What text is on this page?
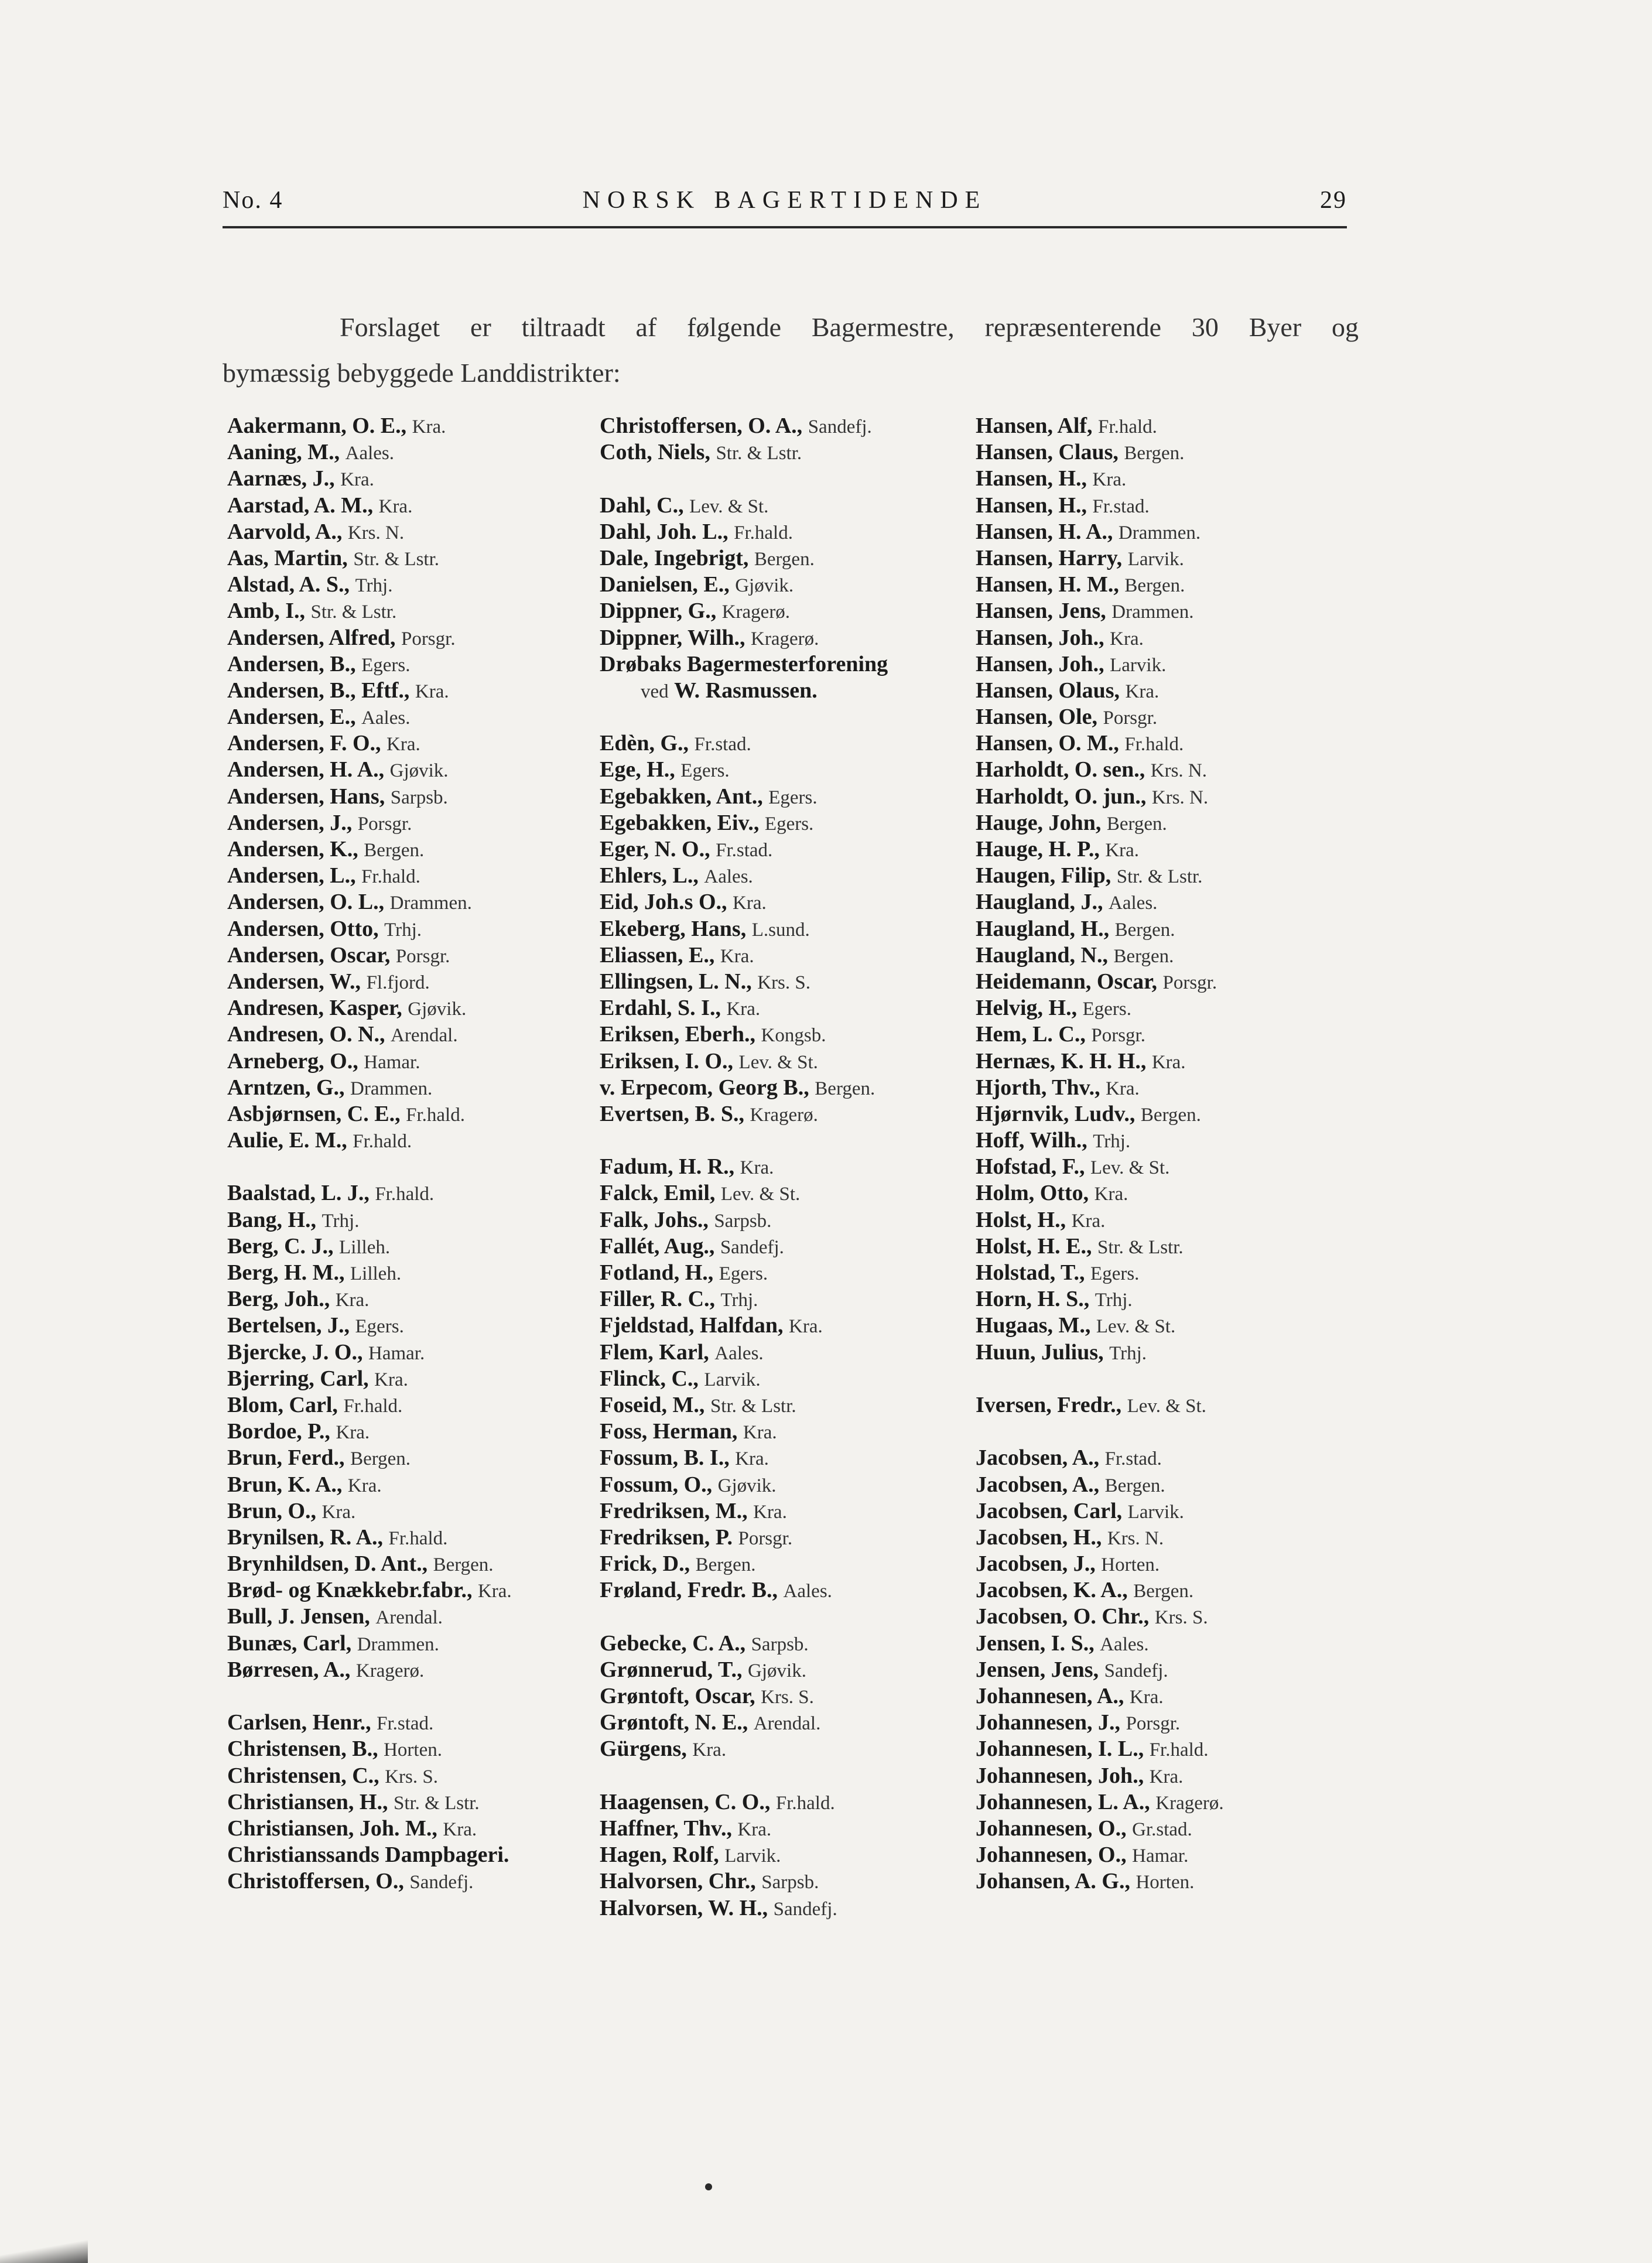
No. 4	NORSK BAGERTIDENDE	29

Forslaget er tiltraadt af følgende Bagermestre, repræsenterende 30 Byer og

bymæssig bebyggede Landdistrikter:

Aakermann, O. E., Kra.
Aaning, M., Aales.
Aarnæs, J., Kra.
Aarstad, A. M., Kra.
Aarvold, A., Krs. N.
Aas, Martin, Str. & Lstr.
Alstad, A. S., Trhj.
Amb, I., Str. & Lstr.
Andersen, Alfred, Porsgr.
Andersen, B., Egers.
Andersen, B., Eftf., Kra.
Andersen, E., Aales.
Andersen, F. O., Kra.
Andersen, H. A., Gjøvik.
Andersen, Hans, Sarpsb.
Andersen, J., Porsgr.
Andersen, K., Bergen.
Andersen, L., Fr.hald.
Andersen, O. L., Drammen.
Andersen, Otto, Trhj.
Andersen, Oscar, Porsgr.
Andersen, W., Fl.fjord.
Andresen, Kasper, Gjøvik.
Andresen, O. N., Arendal.
Arneberg, O., Hamar.
Arntzen, G., Drammen.
Asbjørnsen, C. E., Fr.hald.
Aulie, E. M., Fr.hald.
Baalstad, L. J., Fr.hald.
Bang, H., Trhj.
Berg, C. J., Lilleh.
Berg, H. M., Lilleh.
Berg, Joh., Kra.
Bertelsen, J., Egers.
Bjercke, J. O., Hamar.
Bjerring, Carl, Kra.
Blom, Carl, Fr.hald.
Bordoe, P., Kra.
Brun, Ferd., Bergen.
Brun, K. A., Kra.
Brun, O., Kra.
Brynilsen, R. A., Fr.hald.
Brynhildsen, D. Ant., Bergen.
Brød- og Knækkebr.fabr., Kra.
Bull, J. Jensen, Arendal.
Bunæs, Carl, Drammen.
Børresen, A., Kragerø.
Carlsen, Henr., Fr.stad.
Christensen, B., Horten.
Christensen, C., Krs. S.
Christiansen, H., Str. & Lstr.
Christiansen, Joh. M., Kra.
Christianssands Dampbageri.
Christoffersen, O., Sandefj.
Christoffersen, O. A., Sandefj.
Coth, Niels, Str. & Lstr.
Dahl, C., Lev. & St.
Dahl, Joh. L., Fr.hald.
Dale, Ingebrigt, Bergen.
Danielsen, E., Gjøvik.
Dippner, G., Kragerø.
Dippner, Wilh., Kragerø.
Drøbaks Bagermesterforening
ved W. Rasmussen.
Edèn, G., Fr.stad.
Ege, H., Egers.
Egebakken, Ant., Egers.
Egebakken, Eiv., Egers.
Eger, N. O., Fr.stad.
Ehlers, L., Aales.
Eid, Joh.s O., Kra.
Ekeberg, Hans, L.sund.
Eliassen, E., Kra.
Ellingsen, L. N., Krs. S.
Erdahl, S. I., Kra.
Eriksen, Eberh., Kongsb.
Eriksen, I. O., Lev. & St.
v. Erpecom, Georg B., Bergen.
Evertsen, B. S., Kragerø.
Fadum, H. R., Kra.
Falck, Emil, Lev. & St.
Falk, Johs., Sarpsb.
Fallét, Aug., Sandefj.
Fotland, H., Egers.
Filler, R. C., Trhj.
Fjeldstad, Halfdan, Kra.
Flem, Karl, Aales.
Flinck, C., Larvik.
Foseid, M., Str. & Lstr.
Foss, Herman, Kra.
Fossum, B. I., Kra.
Fossum, O., Gjøvik.
Fredriksen, M., Kra.
Fredriksen, P. Porsgr.
Frick, D., Bergen.
Frøland, Fredr. B., Aales.
Gebecke, C. A., Sarpsb.
Grønnerud, T., Gjøvik.
Grøntoft, Oscar, Krs. S.
Grøntoft, N. E., Arendal.
Gürgens, Kra.
Haagensen, C. O., Fr.hald.
Haffner, Thv., Kra.
Hagen, Rolf, Larvik.
Halvorsen, Chr., Sarpsb.
Halvorsen, W. H., Sandefj.
Hansen, Alf, Fr.hald.
Hansen, Claus, Bergen.
Hansen, H., Kra.
Hansen, H., Fr.stad.
Hansen, H. A., Drammen.
Hansen, Harry, Larvik.
Hansen, H. M., Bergen.
Hansen, Jens, Drammen.
Hansen, Joh., Kra.
Hansen, Joh., Larvik.
Hansen, Olaus, Kra.
Hansen, Ole, Porsgr.
Hansen, O. M., Fr.hald.
Harholdt, O. sen., Krs. N.
Harholdt, O. jun., Krs. N.
Hauge, John, Bergen.
Hauge, H. P., Kra.
Haugen, Filip, Str. & Lstr.
Haugland, J., Aales.
Haugland, H., Bergen.
Haugland, N., Bergen.
Heidemann, Oscar, Porsgr.
Helvig, H., Egers.
Hem, L. C., Porsgr.
Hernæs, K. H. H., Kra.
Hjorth, Thv., Kra.
Hjørnvik, Ludv., Bergen.
Hoff, Wilh., Trhj.
Hofstad, F., Lev. & St.
Holm, Otto, Kra.
Holst, H., Kra.
Holst, H. E., Str. & Lstr.
Holstad, T., Egers.
Horn, H. S., Trhj.
Hugaas, M., Lev. & St.
Huun, Julius, Trhj.
Iversen, Fredr., Lev. & St.
Jacobsen, A., Fr.stad.
Jacobsen, A., Bergen.
Jacobsen, Carl, Larvik.
Jacobsen, H., Krs. N.
Jacobsen, J., Horten.
Jacobsen, K. A., Bergen.
Jacobsen, O. Chr., Krs. S.
Jensen, I. S., Aales.
Jensen, Jens, Sandefj.
Johannesen, A., Kra.
Johannesen, J., Porsgr.
Johannesen, I. L., Fr.hald.
Johannesen, Joh., Kra.
Johannesen, L. A., Kragerø.
Johannesen, O., Gr.stad.
Johannesen, O., Hamar.
Johansen, A. G., Horten.
